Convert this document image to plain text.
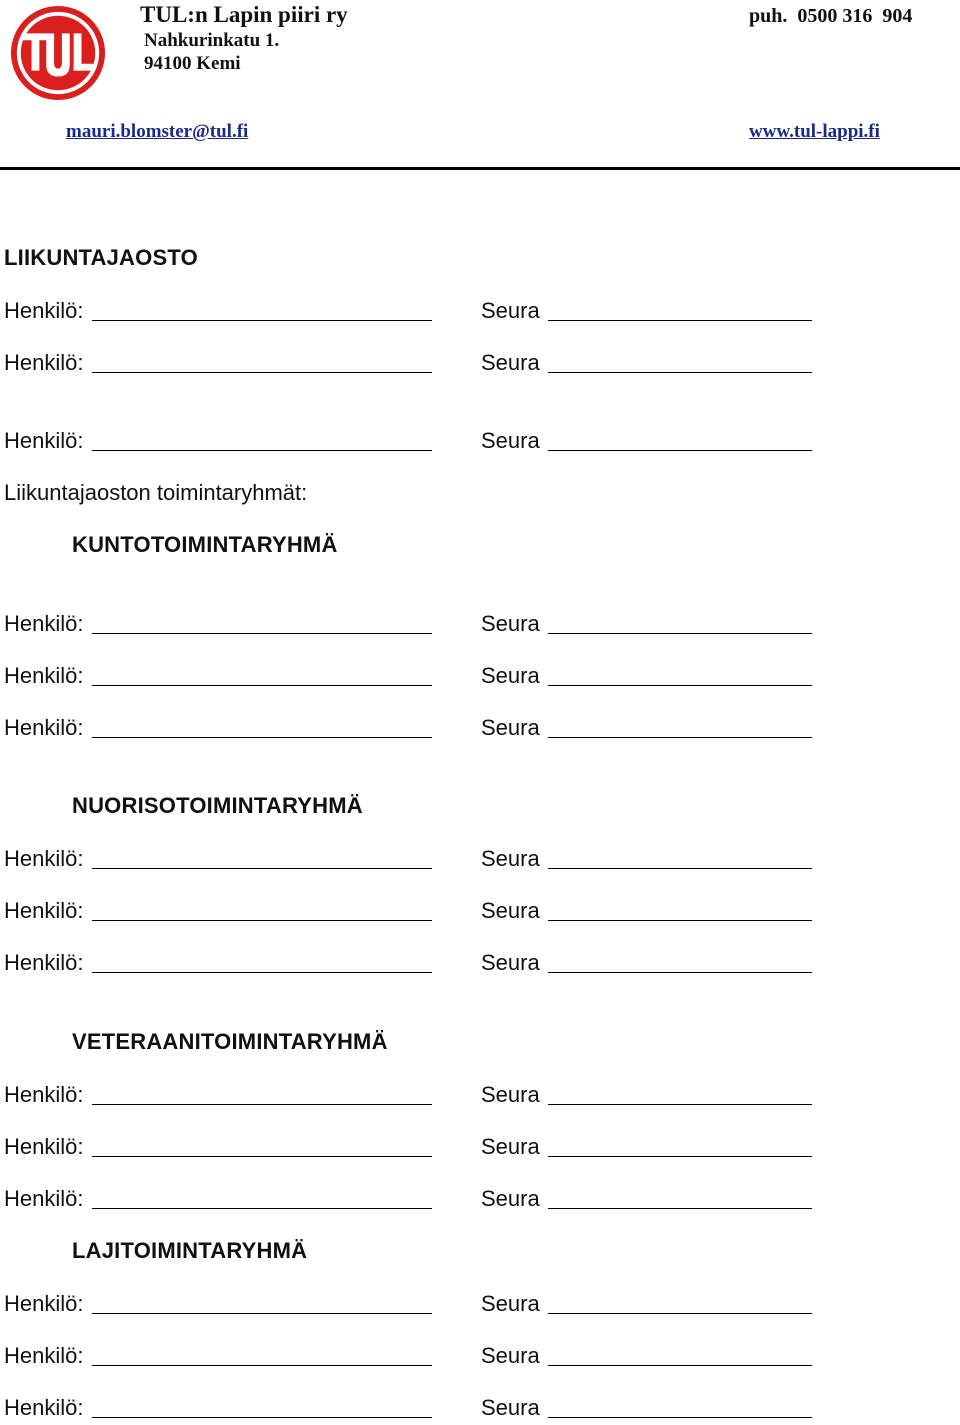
TUL:n Lapin piiri ry
Nahkurinkatu 1.
94100 Kemi
puh.  0500 316  904
mauri.blomster@tul.fi	www.tul-lappi.fi
LIIKUNTAJAOSTO
Henkilö:	Seura
Henkilö:	Seura
Henkilö:	Seura
Liikuntajaoston toimintaryhmät:
KUNTOTOIMINTARYHMÄ
Henkilö:	Seura
Henkilö:	Seura
Henkilö:	Seura
NUORISOTOIMINTARYHMÄ
Henkilö:	Seura
Henkilö:	Seura
Henkilö:	Seura
VETERAANITOIMINTARYHMÄ
Henkilö:	Seura
Henkilö:	Seura
Henkilö:	Seura
LAJITOIMINTARYHMÄ
Henkilö:	Seura
Henkilö:	Seura
Henkilö:	Seura
